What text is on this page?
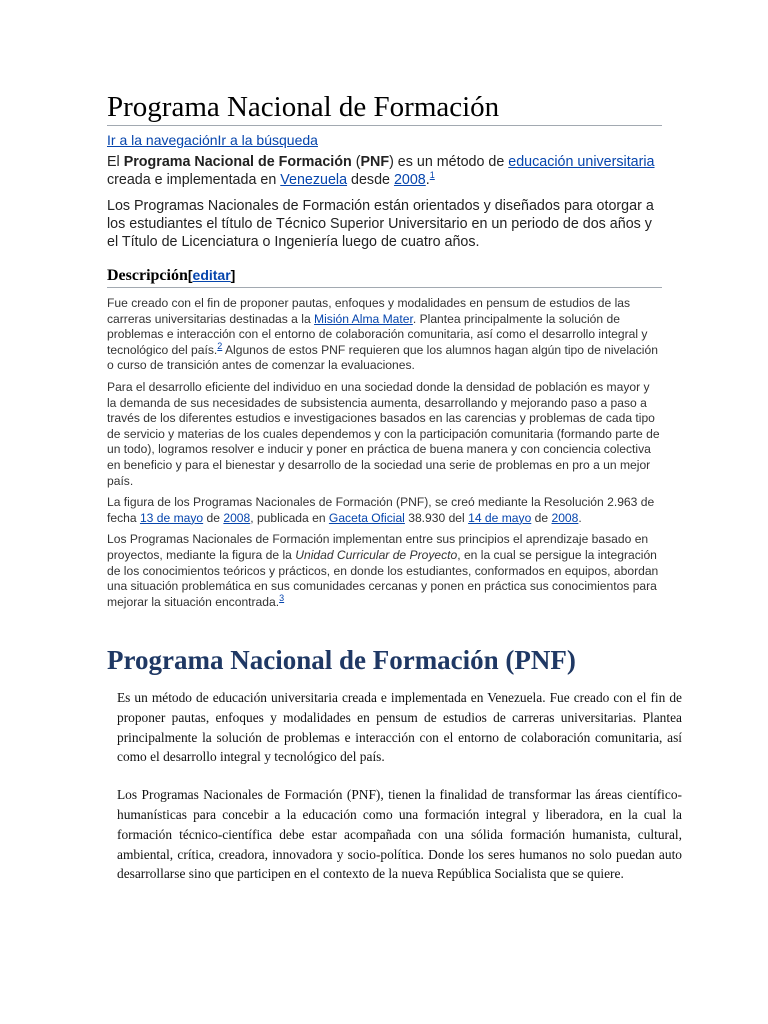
Programa Nacional de Formación
Ir a la navegaciónIr a la búsqueda

El Programa Nacional de Formación (PNF) es un método de educación universitaria creada e implementada en Venezuela desde 2008.$^1$

Los Programas Nacionales de Formación están orientados y diseñados para otorgar a los estudiantes el título de Técnico Superior Universitario en un periodo de dos años y el Título de Licenciatura o Ingeniería luego de cuatro años.

Descripción[editar]

Fue creado con el fin de proponer pautas, enfoques y modalidades en pensum de estudios de las carreras universitarias destinadas a la Misión Alma Mater. Plantea principalmente la solución de problemas e interacción con el entorno de colaboración comunitaria, así como el desarrollo integral y tecnológico del país.$^2$ Algunos de estos PNF requieren que los alumnos hagan algún tipo de nivelación o curso de transición antes de comenzar la evaluaciones.

Para el desarrollo eficiente del individuo en una sociedad donde la densidad de población es mayor y la demanda de sus necesidades de subsistencia aumenta, desarrollando y mejorando paso a paso a través de los diferentes estudios e investigaciones basados en las carencias y problemas de cada tipo de servicio y materias de los cuales dependemos y con la participación comunitaria (formando parte de un todo), logramos resolver e inducir y poner en práctica de buena manera y con conciencia colectiva en beneficio y para el bienestar y desarrollo de la sociedad una serie de problemas en pro a un mejor país.

La figura de los Programas Nacionales de Formación (PNF), se creó mediante la Resolución 2.963 de fecha 13 de mayo de 2008, publicada en Gaceta Oficial 38.930 del 14 de mayo de 2008.

Los Programas Nacionales de Formación implementan entre sus principios el aprendizaje basado en proyectos, mediante la figura de la Unidad Curricular de Proyecto, en la cual se persigue la integración de los conocimientos teóricos y prácticos, en donde los estudiantes, conformados en equipos, abordan una situación problemática en sus comunidades cercanas y ponen en práctica sus conocimientos para mejorar la situación encontrada.$^3$

Programa Nacional de Formación (PNF)

Es un método de educación universitaria creada e implementada en Venezuela. Fue creado con el fin de proponer pautas, enfoques y modalidades en pensum de estudios de carreras universitarias. Plantea principalmente la solución de problemas e interacción con el entorno de colaboración comunitaria, así como el desarrollo integral y tecnológico del país.

Los Programas Nacionales de Formación (PNF), tienen la finalidad de transformar las áreas científico-humanísticas para concebir a la educación como una formación integral y liberadora, en la cual la formación técnico-científica debe estar acompañada con una sólida formación humanista, cultural, ambiental, crítica, creadora, innovadora y socio-política. Donde los seres humanos no solo puedan auto desarrollarse sino que participen en el contexto de la nueva República Socialista que se quiere.
